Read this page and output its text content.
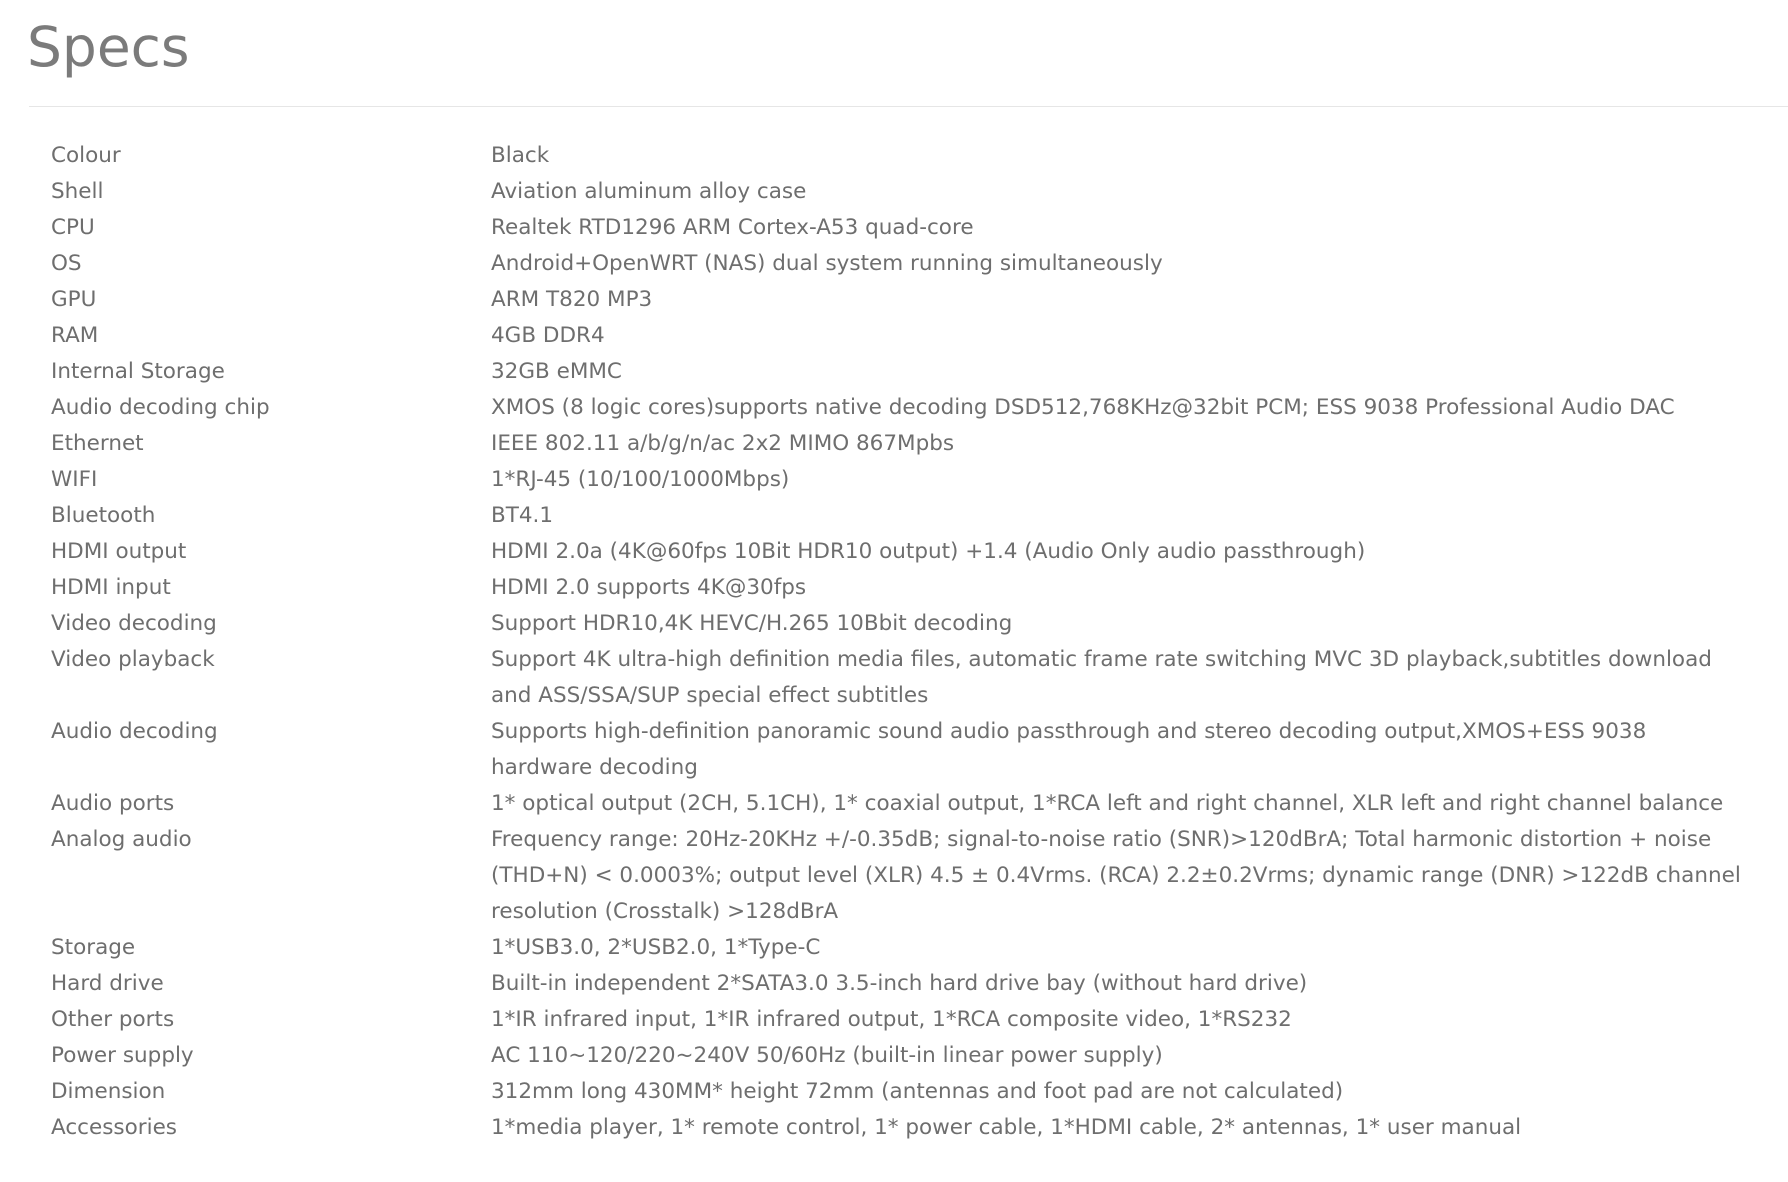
Specs
Colour	Black
Shell	Aviation aluminum alloy case
CPU	Realtek RTD1296 ARM Cortex-A53 quad-core
OS	Android+OpenWRT (NAS) dual system running simultaneously
GPU	ARM T820 MP3
RAM	4GB DDR4
Internal Storage	32GB eMMC
Audio decoding chip	XMOS (8 logic cores)supports native decoding DSD512,768KHz@32bit PCM; ESS 9038 Professional Audio DAC
Ethernet	IEEE 802.11 a/b/g/n/ac 2x2 MIMO 867Mpbs
WIFI	1*RJ-45 (10/100/1000Mbps)
Bluetooth	BT4.1
HDMI output	HDMI 2.0a (4K@60fps 10Bit HDR10 output) +1.4 (Audio Only audio passthrough)
HDMI input	HDMI 2.0 supports 4K@30fps
Video decoding	Support HDR10,4K HEVC/H.265 10Bbit decoding
Video playback	Support 4K ultra-high definition media files, automatic frame rate switching MVC 3D playback,subtitles download and ASS/SSA/SUP special effect subtitles
Audio decoding	Supports high-definition panoramic sound audio passthrough and stereo decoding output,XMOS+ESS 9038 hardware decoding
Audio ports	1* optical output (2CH, 5.1CH), 1* coaxial output, 1*RCA left and right channel, XLR left and right channel balance
Analog audio	Frequency range: 20Hz-20KHz +/-0.35dB; signal-to-noise ratio (SNR)>120dBrA; Total harmonic distortion + noise (THD+N) < 0.0003%; output level (XLR) 4.5 ± 0.4Vrms. (RCA) 2.2±0.2Vrms; dynamic range (DNR) >122dB channel resolution (Crosstalk) >128dBrA
Storage	1*USB3.0, 2*USB2.0, 1*Type-C
Hard drive	Built-in independent 2*SATA3.0 3.5-inch hard drive bay (without hard drive)
Other ports	1*IR infrared input, 1*IR infrared output, 1*RCA composite video, 1*RS232
Power supply	AC 110~120/220~240V 50/60Hz (built-in linear power supply)
Dimension	312mm long 430MM* height 72mm (antennas and foot pad are not calculated)
Accessories	1*media player, 1* remote control, 1* power cable, 1*HDMI cable, 2* antennas, 1* user manual
